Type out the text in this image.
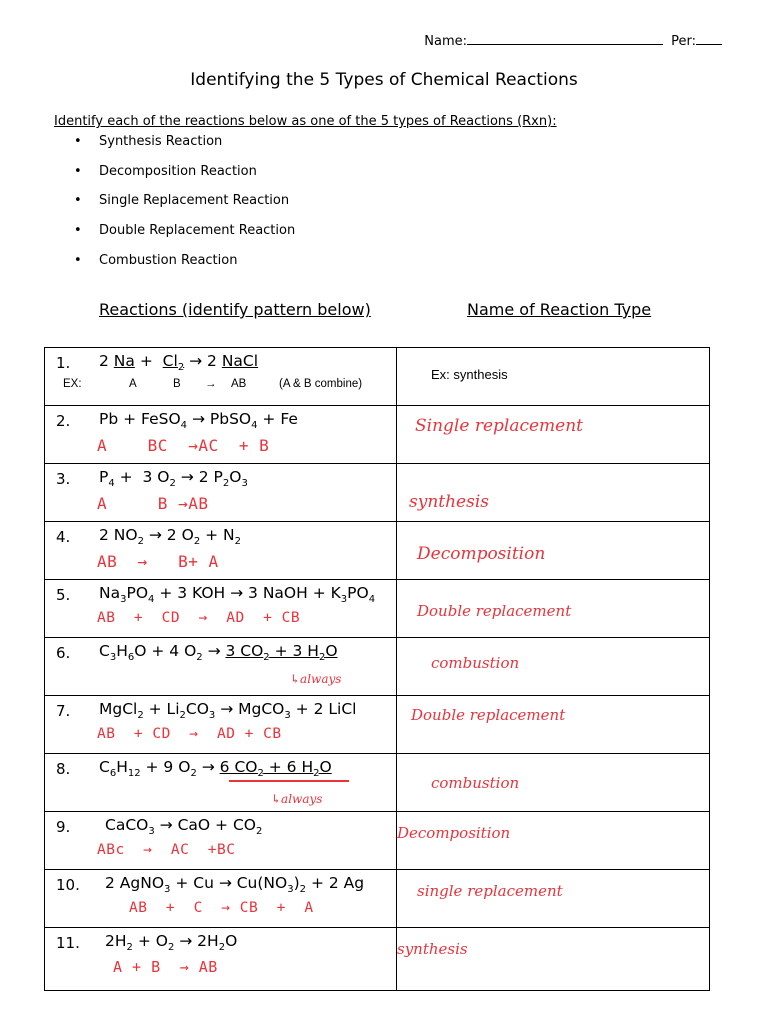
Name:	Per:
Identifying the 5 Types of Chemical Reactions
Identify each of the reactions below as one of the 5 types of Reactions (Rxn):
• Synthesis Reaction
• Decomposition Reaction
• Single Replacement Reaction
• Double Replacement Reaction
• Combustion Reaction
Reactions (identify pattern below)	Name of Reaction Type
1. 2 $Na + Cl_2 \to 2$ NaCl
EX: A B → AB (A & B combine)	Ex: synthesis

2. Pb + FeSO$_4$ → PbSO$_4$ + Fe
A    BC  →AC  + B	Single replacement

3. $P_4 + 3$ $O_2 \to 2$ $P_2O_3$
A     B →AB	synthesis

4. 2 $NO_2 \to 2$ $O_2 + N_2$
AB  →   B+ A	Decomposition

5. $Na_3PO_4 + 3$ KOH → 3 NaOH + $K_3PO_4$
AB  +  CD  →  AD  + CB	Double replacement

6. $C_3H_6O + 4$ $O_2 \to 3$ $CO_2 + 3$ $H_2O$
↳always	combustion

7. MgCl$_2$ + $Li_2CO_3$ → MgCO$_3$ + 2 LiCl
AB  + CD  →  AD + CB	Double replacement

8. $C_6H_{12} + 9$ $O_2 \to 6$ $CO_2 + 6$ $H_2O$
↳always	combustion

9. CaCO$_3$ → CaO + $CO_2$
ABc  →  AC  +BC	Decomposition

10. 2 AgNO$_3$ + $Cu \to Cu(NO_3)_2 + 2$ Ag
AB  +  C  → CB  +  A	single replacement

11. $2H_2 + O_2 \to 2H_2O$
A + B  → AB	synthesis
